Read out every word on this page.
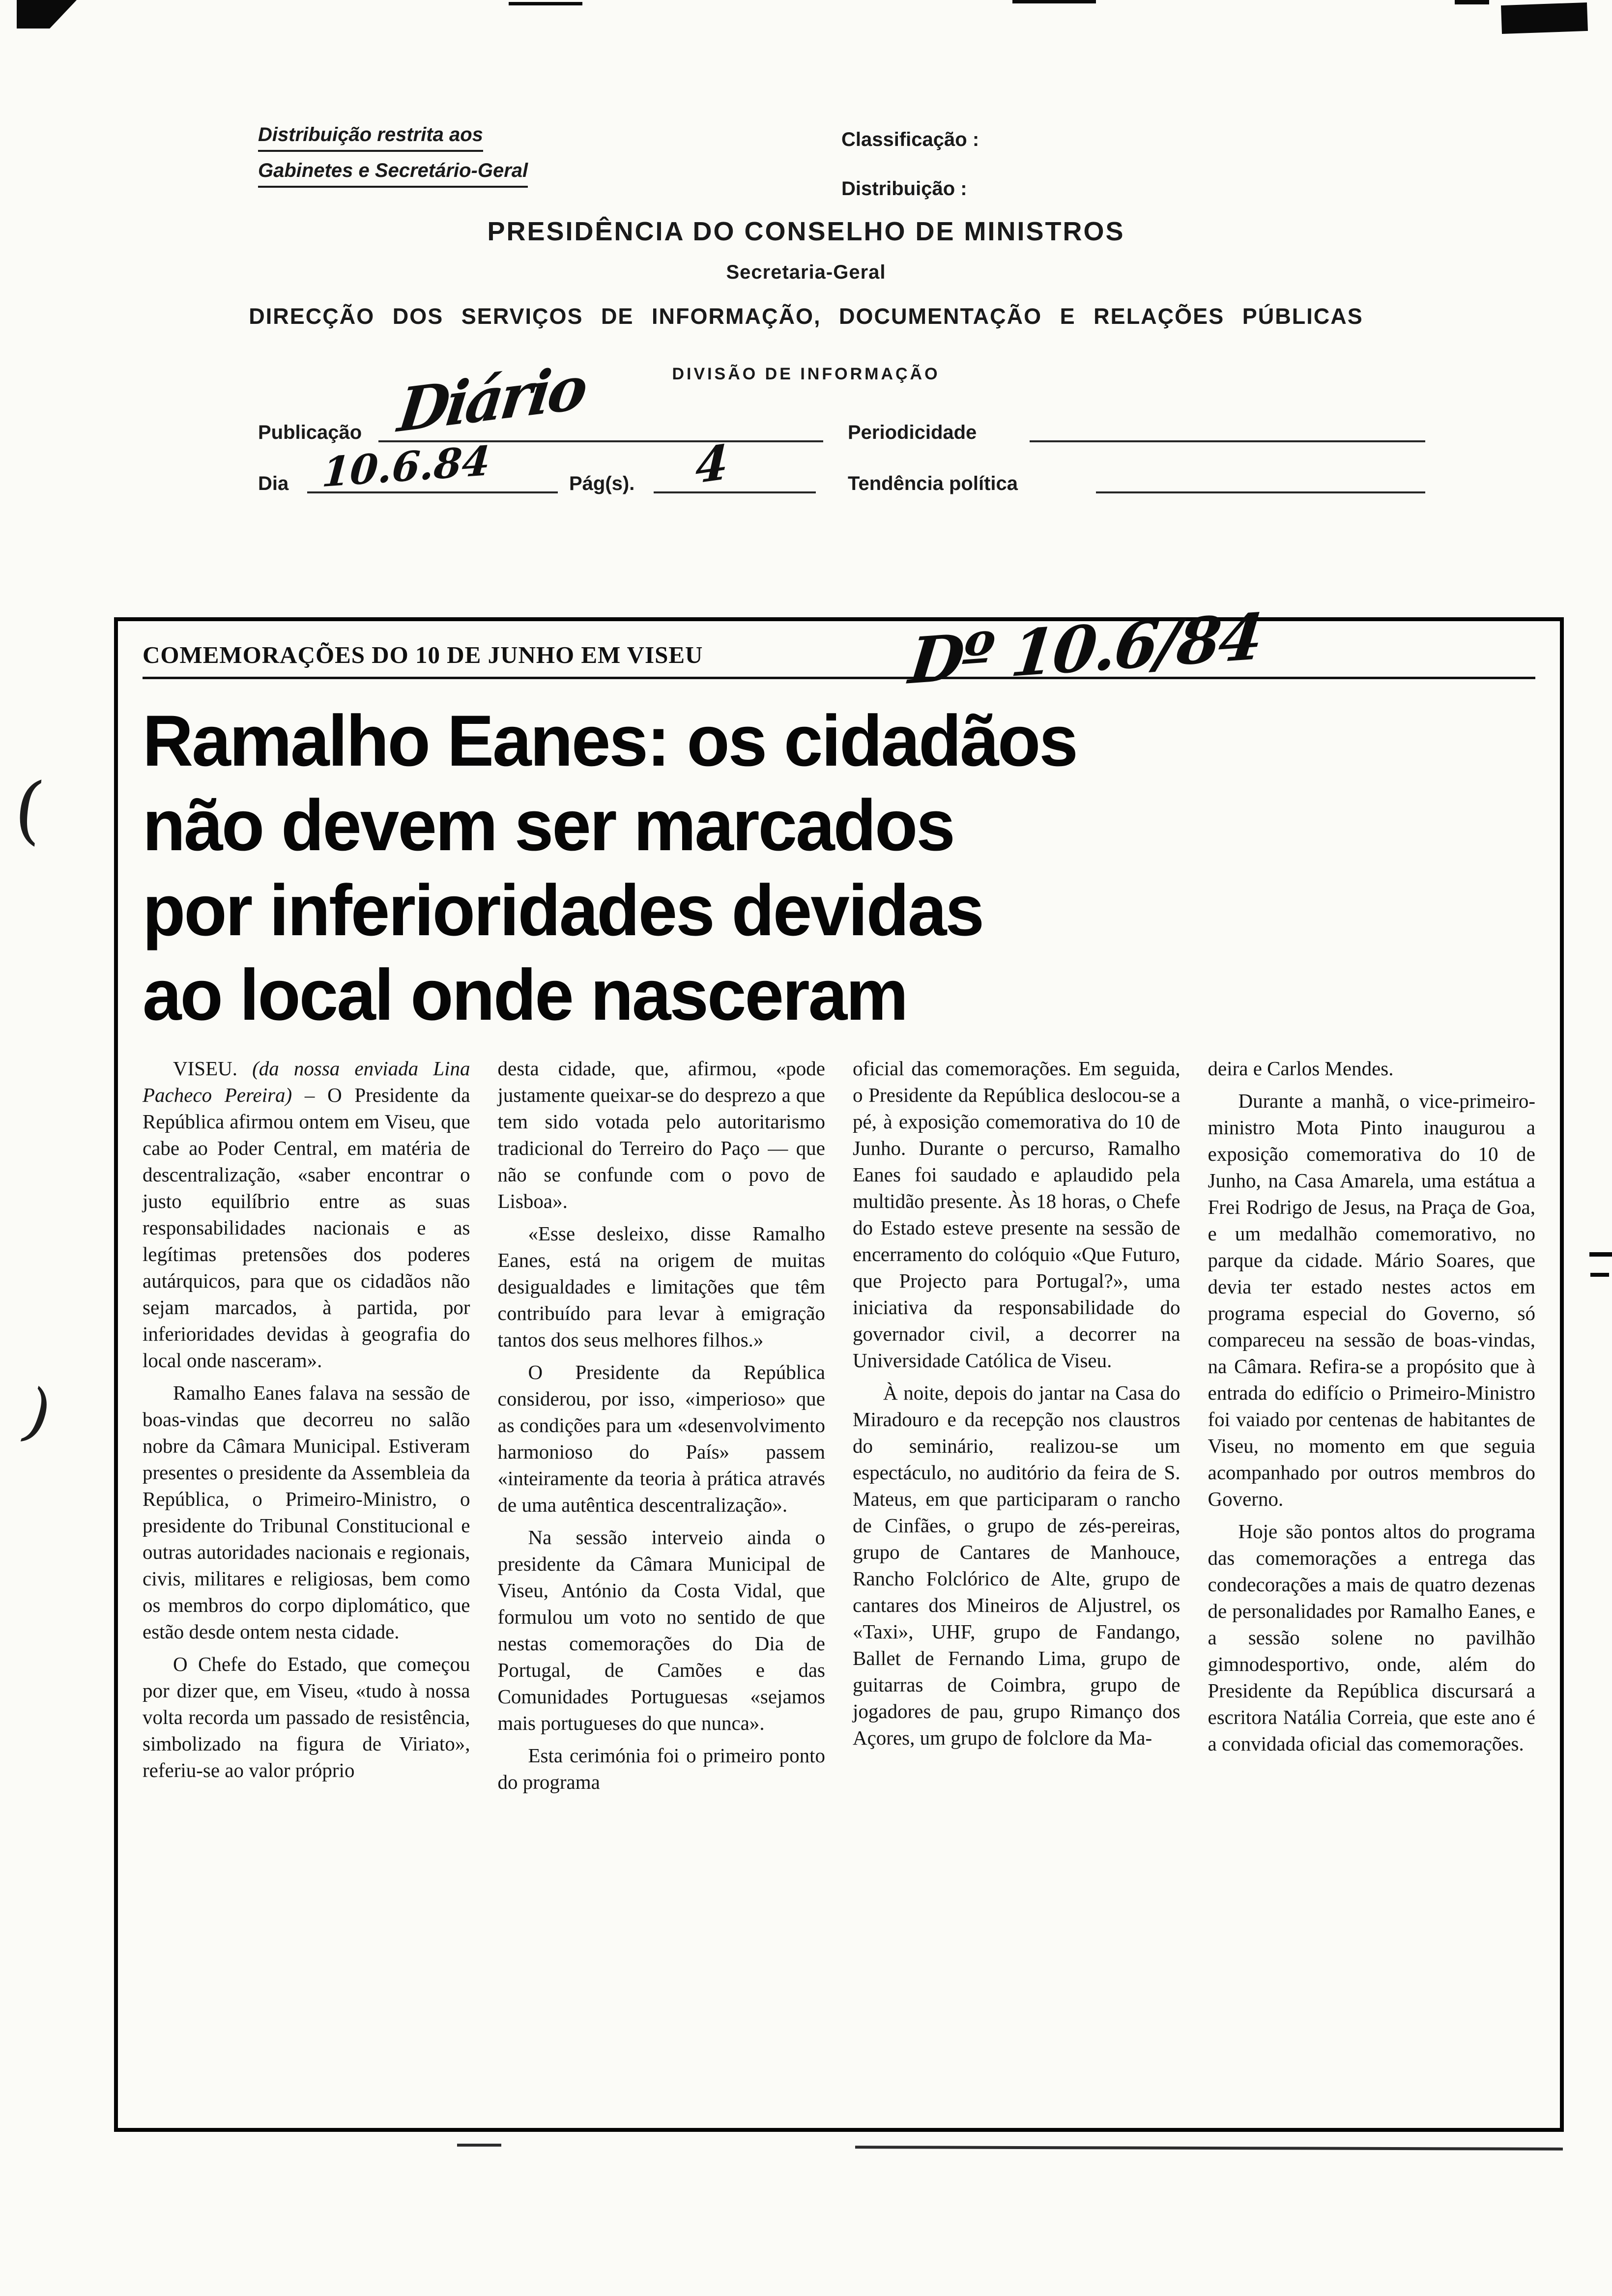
(
)
Distribuição restrita aos
Gabinetes e Secretário-Geral
Classificação :
Distribuição :
PRESIDÊNCIA DO CONSELHO DE MINISTROS
Secretaria-Geral
DIRECÇÃO DOS SERVIÇOS DE INFORMAÇÃO, DOCUMENTAÇÃO E RELAÇÕES PÚBLICAS
DIVISÃO DE INFORMAÇÃO
Publicação Diário	Periodicidade
Dia 10.6.84	Pág(s). 4	Tendência política
COMEMORAÇÕES DO 10 DE JUNHO EM VISEU	Dº 10.6/84
Ramalho Eanes: os cidadãos
não devem ser marcados
por inferioridades devidas
ao local onde nasceram

VISEU. (da nossa enviada Lina Pacheco Pereira) – O Presidente da República afirmou ontem em Viseu, que cabe ao Poder Central, em matéria de descentralização, «saber encontrar o justo equilíbrio entre as suas responsabilidades nacionais e as legítimas pretensões dos poderes autárquicos, para que os cidadãos não sejam marcados, à partida, por inferioridades devidas à geografia do local onde nasceram».

Ramalho Eanes falava na sessão de boas-vindas que decorreu no salão nobre da Câmara Municipal. Estiveram presentes o presidente da Assembleia da República, o Primeiro-Ministro, o presidente do Tribunal Constitucional e outras autoridades nacionais e regionais, civis, militares e religiosas, bem como os membros do corpo diplomático, que estão desde ontem nesta cidade.

O Chefe do Estado, que começou por dizer que, em Viseu, «tudo à nossa volta recorda um passado de resistência, simbolizado na figura de Viriato», referiu-se ao valor próprio

desta cidade, que, afirmou, «pode justamente queixar-se do desprezo a que tem sido votada pelo autoritarismo tradicional do Terreiro do Paço — que não se confunde com o povo de Lisboa».

«Esse desleixo, disse Ramalho Eanes, está na origem de muitas desigualdades e limitações que têm contribuído para levar à emigração tantos dos seus melhores filhos.»

O Presidente da República considerou, por isso, «imperioso» que as condições para um «desenvolvimento harmonioso do País» passem «inteiramente da teoria à prática através de uma autêntica descentralização».

Na sessão interveio ainda o presidente da Câmara Municipal de Viseu, António da Costa Vidal, que formulou um voto no sentido de que nestas comemorações do Dia de Portugal, de Camões e das Comunidades Portuguesas «sejamos mais portugueses do que nunca».

Esta cerimónia foi o primeiro ponto do programa

oficial das comemorações. Em seguida, o Presidente da República deslocou-se a pé, à exposição comemorativa do 10 de Junho. Durante o percurso, Ramalho Eanes foi saudado e aplaudido pela multidão presente. Às 18 horas, o Chefe do Estado esteve presente na sessão de encerramento do colóquio «Que Futuro, que Projecto para Portugal?», uma iniciativa da responsabilidade do governador civil, a decorrer na Universidade Católica de Viseu.

À noite, depois do jantar na Casa do Miradouro e da recepção nos claustros do seminário, realizou-se um espectáculo, no auditório da feira de S. Mateus, em que participaram o rancho de Cinfães, o grupo de zés-pereiras, grupo de Cantares de Manhouce, Rancho Folclórico de Alte, grupo de cantares dos Mineiros de Aljustrel, os «Taxi», UHF, grupo de Fandango, Ballet de Fernando Lima, grupo de guitarras de Coimbra, grupo de jogadores de pau, grupo Rimanço dos Açores, um grupo de folclore da Ma-

deira e Carlos Mendes.

Durante a manhã, o vice-primeiro-ministro Mota Pinto inaugurou a exposição comemorativa do 10 de Junho, na Casa Amarela, uma estátua a Frei Rodrigo de Jesus, na Praça de Goa, e um medalhão comemorativo, no parque da cidade. Mário Soares, que devia ter estado nestes actos em programa especial do Governo, só compareceu na sessão de boas-vindas, na Câmara. Refira-se a propósito que à entrada do edifício o Primeiro-Ministro foi vaiado por centenas de habitantes de Viseu, no momento em que seguia acompanhado por outros membros do Governo.

Hoje são pontos altos do programa das comemorações a entrega das condecorações a mais de quatro dezenas de personalidades por Ramalho Eanes, e a sessão solene no pavilhão gimnodesportivo, onde, além do Presidente da República discursará a escritora Natália Correia, que este ano é a convidada oficial das comemorações.
